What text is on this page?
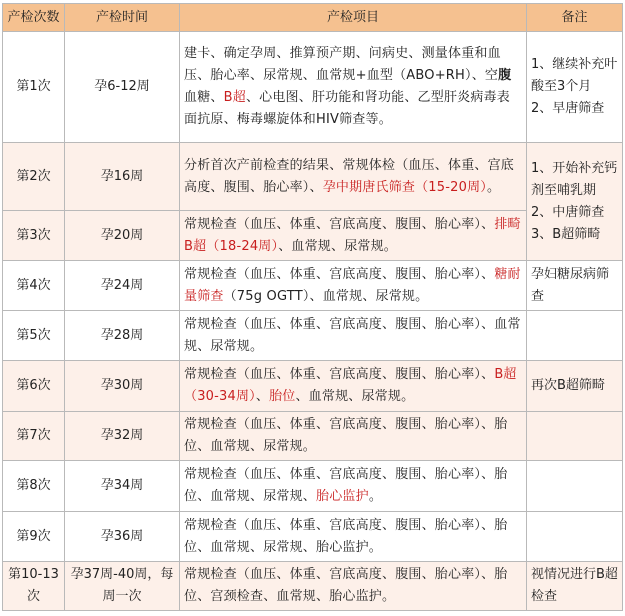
产检次数	产检时间	产检项目	备注
第1次	孕6-12周	建卡、确定孕周、推算预产期、问病史、测量体重和血压、胎心率、尿常规、血常规+血型（ABO+RH）、空腹血糖、B超、心电图、肝功能和肾功能、乙型肝炎病毒表面抗原、梅毒螺旋体和HIV筛查等。	1、继续补充叶酸至3个月
2、早唐筛查

第2次	孕16周	分析首次产前检查的结果、常规体检（血压、体重、宫底高度、腹围、胎心率）、孕中期唐氏筛查（15-20周）。	1、开始补充钙剂至哺乳期
2、中唐筛查
3、B超筛畸

第3次	孕20周	常规检查（血压、体重、宫底高度、腹围、胎心率）、排畸B超（18-24周）、血常规、尿常规。	
第4次	孕24周	常规检查（血压、体重、宫底高度、腹围、胎心率）、糖耐量筛查（75g OGTT）、血常规、尿常规。	孕妇糖尿病筛查

第5次	孕28周	常规检查（血压、体重、宫底高度、腹围、胎心率）、血常规、尿常规。	
第6次	孕30周	常规检查（血压、体重、宫底高度、腹围、胎心率）、B超（30-34周）、胎位、血常规、尿常规。	再次B超筛畸

第7次	孕32周	常规检查（血压、体重、宫底高度、腹围、胎心率）、胎位、血常规、尿常规。	
第8次	孕34周	常规检查（血压、体重、宫底高度、腹围、胎心率）、胎位、血常规、尿常规、胎心监护。	
第9次	孕36周	常规检查（血压、体重、宫底高度、腹围、胎心率）、胎位、血常规、尿常规、胎心监护。	
第10-13次	孕37周-40周，每周一次	常规检查（血压、体重、宫底高度、腹围、胎心率）、胎位、宫颈检查、血常规、胎心监护。	视情况进行B超检查
